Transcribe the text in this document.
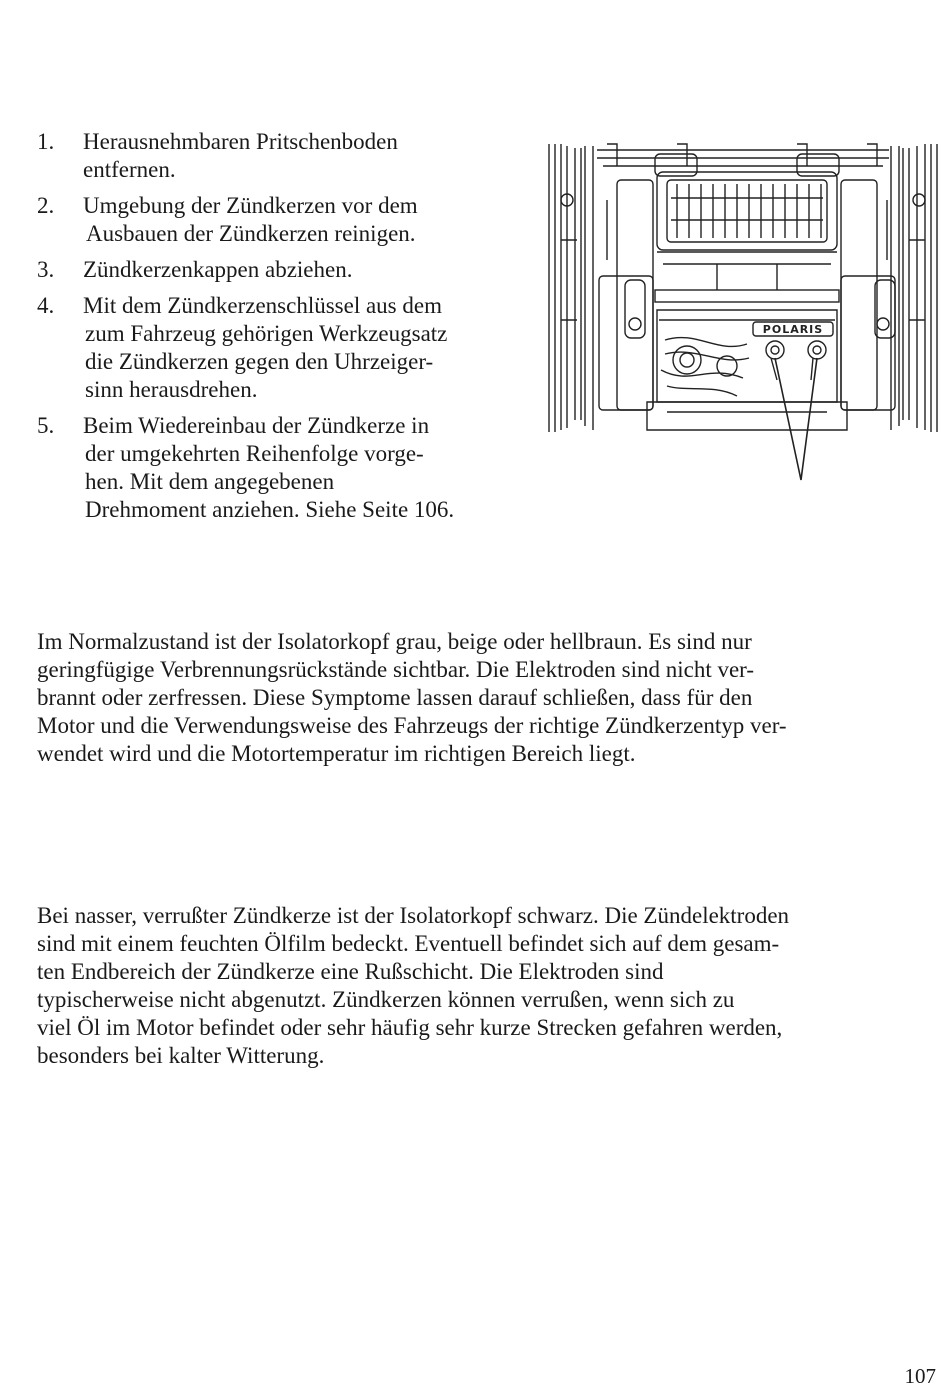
1. Herausnehmbaren Pritschenboden
entfernen.
2. Umgebung der Zündkerzen vor dem
Ausbauen der Zündkerzen reinigen.
3. Zündkerzenkappen abziehen.
4. Mit dem Zündkerzenschlüssel aus dem
zum Fahrzeug gehörigen Werkzeugsatz
die Zündkerzen gegen den Uhrzeiger-
sinn herausdrehen.
5. Beim Wiedereinbau der Zündkerze in
der umgekehrten Reihenfolge vorge-
hen. Mit dem angegebenen
Drehmoment anziehen. Siehe Seite 106.
POLARIS
Im Normalzustand ist der Isolatorkopf grau, beige oder hellbraun. Es sind nur
geringfügige Verbrennungsrückstände sichtbar. Die Elektroden sind nicht ver-
brannt oder zerfressen. Diese Symptome lassen darauf schließen, dass für den
Motor und die Verwendungsweise des Fahrzeugs der richtige Zündkerzentyp ver-
wendet wird und die Motortemperatur im richtigen Bereich liegt.
Bei nasser, verrußter Zündkerze ist der Isolatorkopf schwarz. Die Zündelektroden
sind mit einem feuchten Ölfilm bedeckt. Eventuell befindet sich auf dem gesam-
ten Endbereich der Zündkerze eine Rußschicht. Die Elektroden sind
typischerweise nicht abgenutzt. Zündkerzen können verrußen, wenn sich zu
viel Öl im Motor befindet oder sehr häufig sehr kurze Strecken gefahren werden,
besonders bei kalter Witterung.
107
